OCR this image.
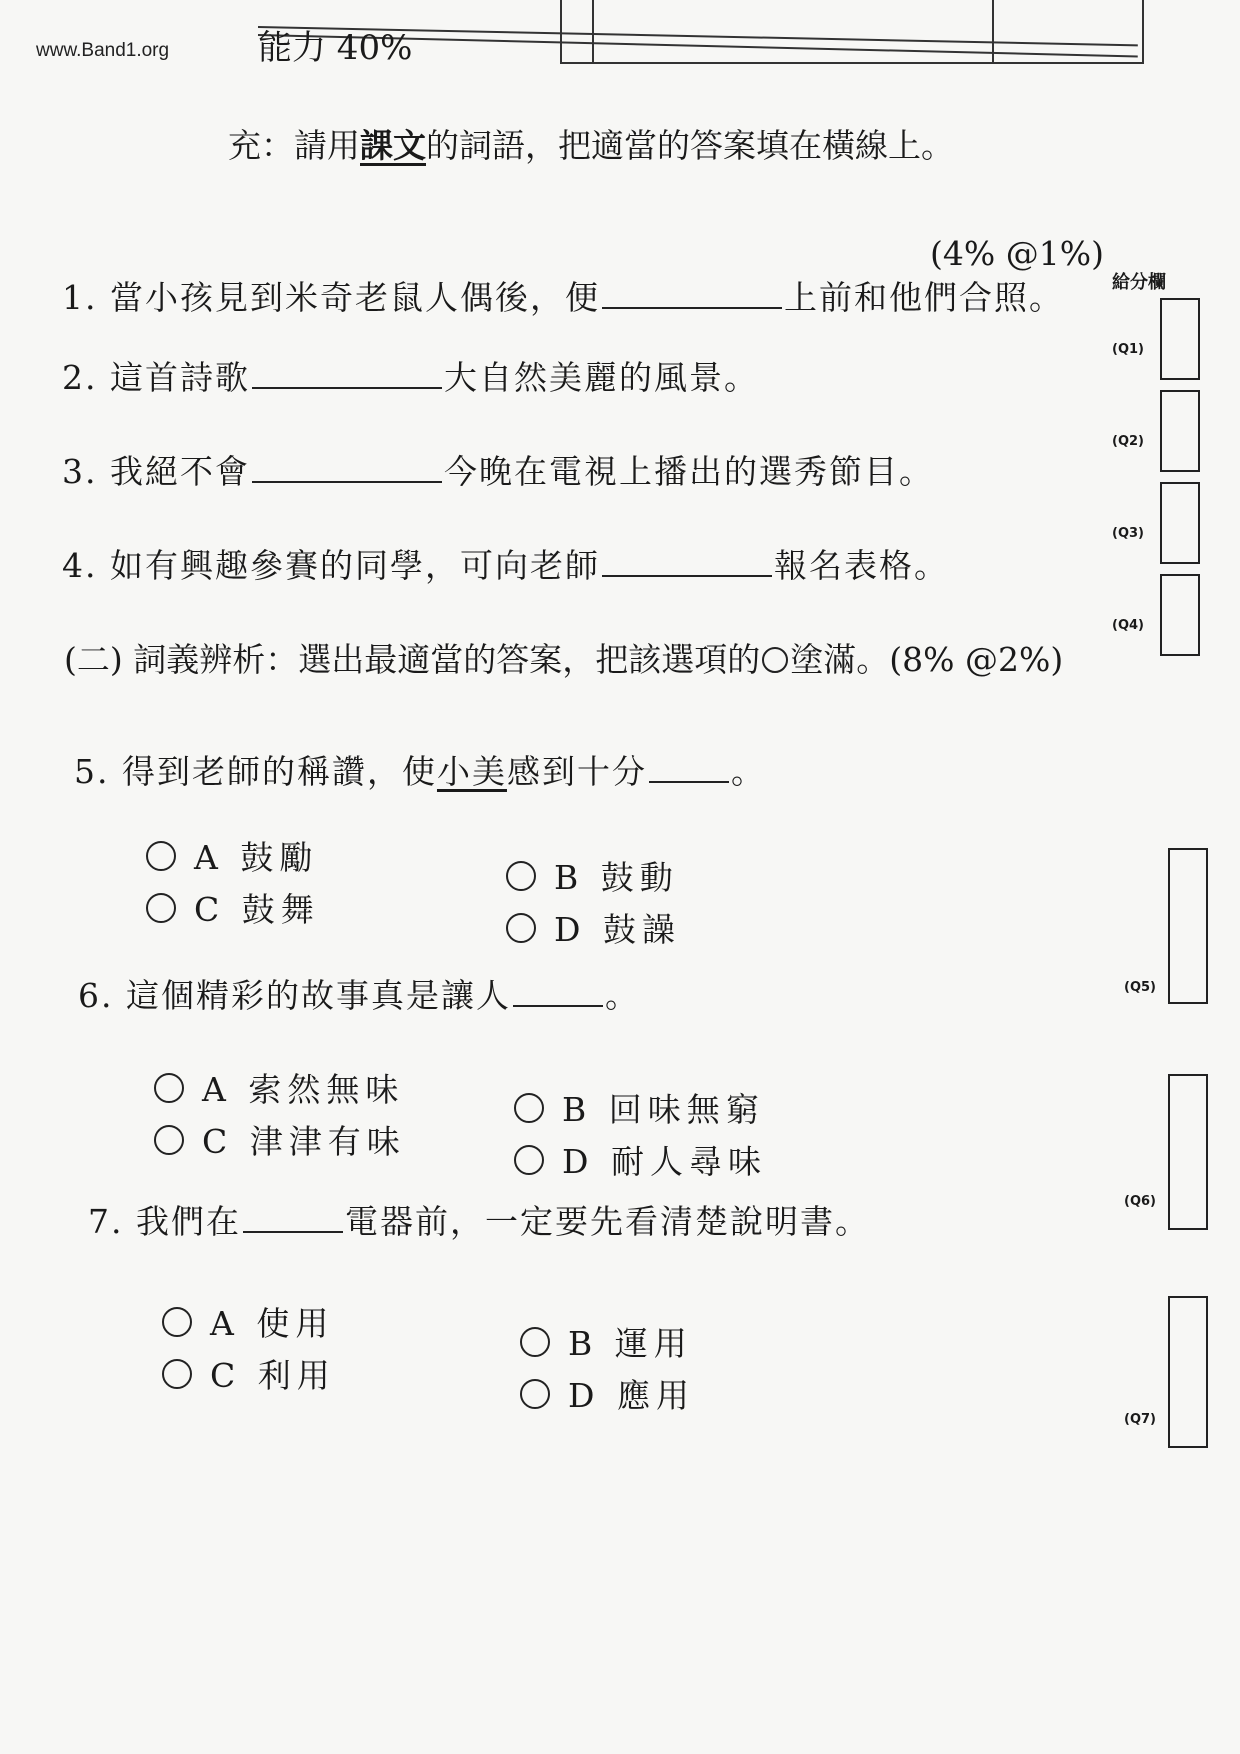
www.Band1.org	能力 40%
充：請用課文的詞語，把適當的答案填在橫線上。
(4% @1%)
給分欄
1. 當小孩見到米奇老鼠人偶後，便	上前和他們合照。
2. 這首詩歌	大自然美麗的風景。
3. 我絕不會	今晚在電視上播出的選秀節目。
4. 如有興趣參賽的同學，可向老師	報名表格。
(Q1)
(Q2)
(Q3)
(Q4)
(二) 詞義辨析：選出最適當的答案，把該選項的 塗滿。(8% @2%)
5. 得到老師的稱讚，使小美感到十分	。
A 鼓勵
B 鼓動
C 鼓舞
D 鼓譟
(Q5)
6. 這個精彩的故事真是讓人	。
A 索然無味
B 回味無窮
C 津津有味
D 耐人尋味
(Q6)
7. 我們在	電器前，一定要先看清楚說明書。
A 使用
B 運用
C 利用
D 應用
(Q7)
